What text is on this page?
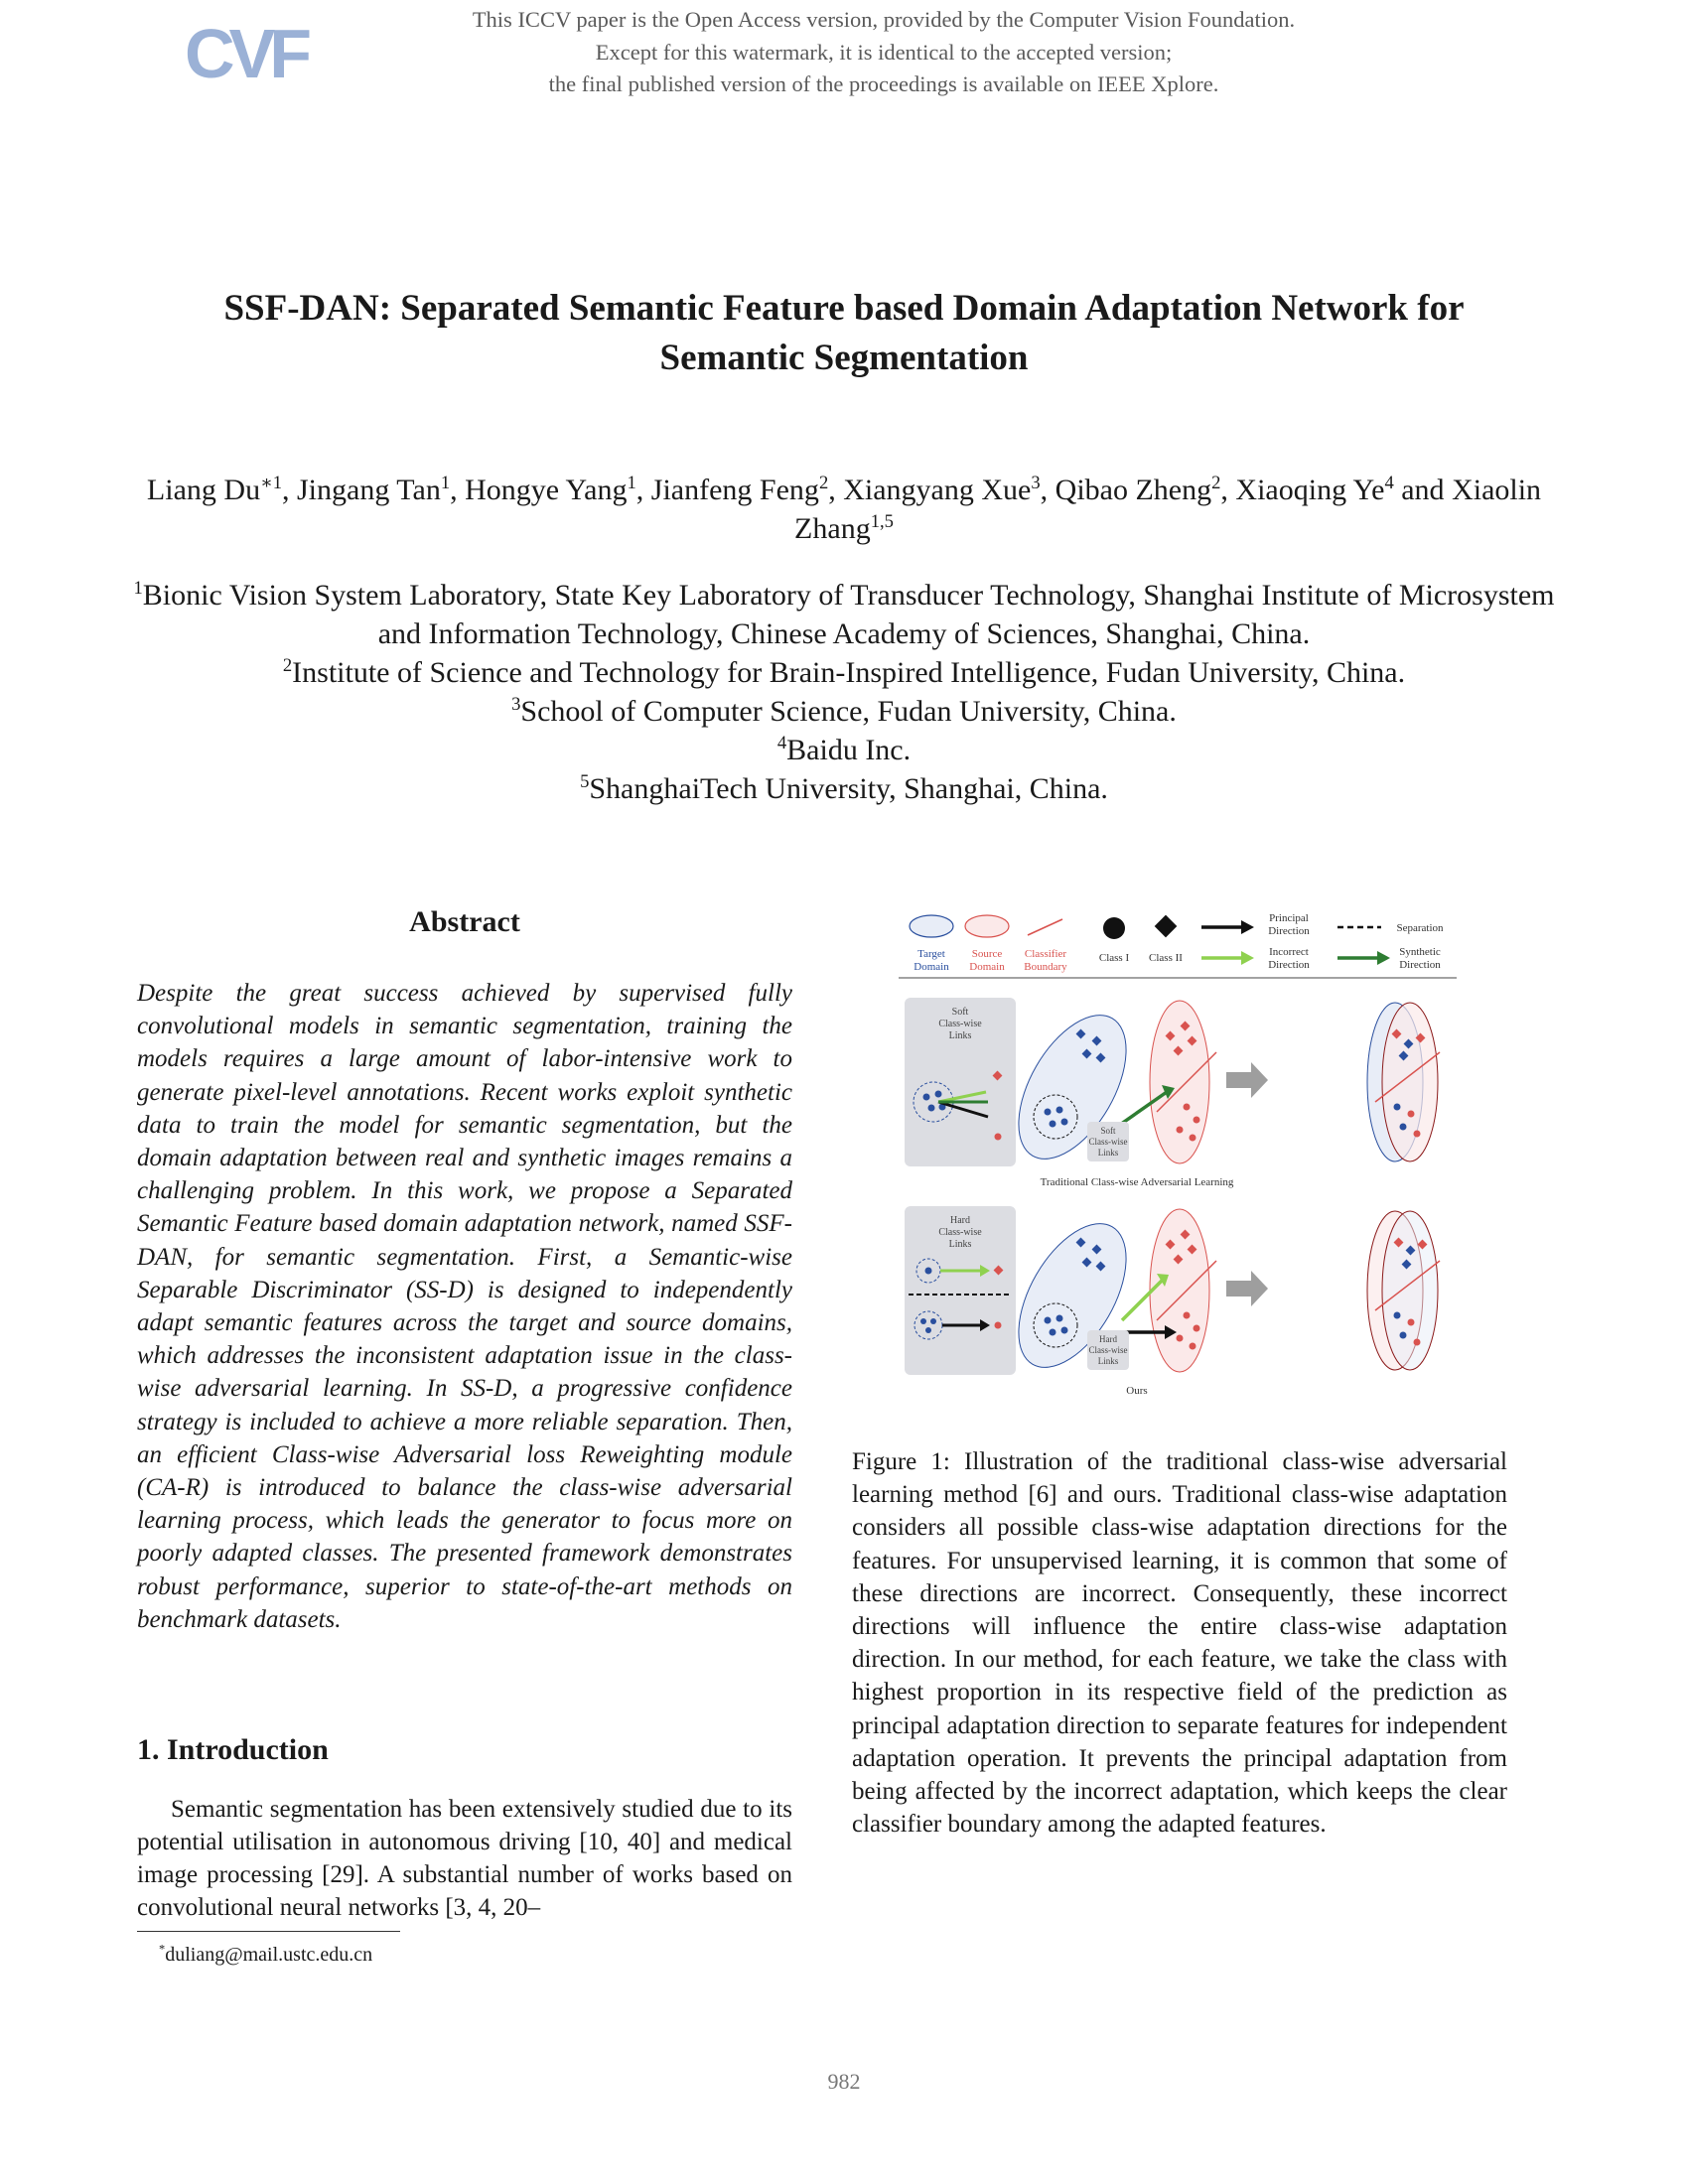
CVF	This ICCV paper is the Open Access version, provided by the Computer Vision Foundation.
Except for this watermark, it is identical to the accepted version;
the final published version of the proceedings is available on IEEE Xplore.
SSF-DAN: Separated Semantic Feature based Domain Adaptation Network for
Semantic Segmentation
Liang $Du^{∗1}$, Jingang Tan$^1$, Hongye Yang$^1$, Jianfeng Feng$^2$, Xiangyang Xue$^3$, Qibao Zheng$^2$, Xiaoqing Ye$^4$ and Xiaolin Zhang$^{1,5}$
$^1$Bionic Vision System Laboratory, State Key Laboratory of Transducer Technology, Shanghai Institute of Microsystem and Information Technology, Chinese Academy of Sciences, Shanghai, China.
$^2$Institute of Science and Technology for Brain-Inspired Intelligence, Fudan University, China.
$^3$School of Computer Science, Fudan University, China.
$^4$Baidu Inc.
$^5$ShanghaiTech University, Shanghai, China.
Abstract

Despite the great success achieved by supervised fully convolutional models in semantic segmentation, training the models requires a large amount of labor-intensive work to generate pixel-level annotations. Recent works exploit synthetic data to train the model for semantic segmentation, but the domain adaptation between real and synthetic images remains a challenging problem. In this work, we propose a Separated Semantic Feature based domain adaptation network, named SSF-DAN, for semantic segmentation. First, a Semantic-wise Separable Discriminator (SS-D) is designed to independently adapt semantic features across the target and source domains, which addresses the inconsistent adaptation issue in the class-wise adversarial learning. In SS-D, a progressive confidence strategy is included to achieve a more reliable separation. Then, an efficient Class-wise Adversarial loss Reweighting module (CA-R) is introduced to balance the class-wise adversarial learning process, which leads the generator to focus more on poorly adapted classes. The presented framework demonstrates robust performance, superior to state-of-the-art methods on benchmark datasets.

1. Introduction

Semantic segmentation has been extensively studied due to its potential utilisation in autonomous driving [10, 40] and medical image processing [29]. A substantial number of works based on convolutional neural networks [3, 4, 20–

*duliang@mail.ustc.edu.cn
Target
Domain
Source
Domain
Classifier
Boundary
Class I Class II
Principal
Direction
Incorrect
Direction
Separation
Synthetic
Direction
Soft
Class-wise
Links
Soft
Class-wise
Links
Traditional Class-wise Adversarial Learning
Hard
Class-wise
Links
Hard
Class-wise
Links
Ours

Figure 1: Illustration of the traditional class-wise adversarial learning method [6] and ours. Traditional class-wise adaptation considers all possible class-wise adaptation directions for the features. For unsupervised learning, it is common that some of these directions are incorrect. Consequently, these incorrect directions will influence the entire class-wise adaptation direction. In our method, for each feature, we take the class with highest proportion in its respective field of the prediction as principal adaptation direction to separate features for independent adaptation operation. It prevents the principal adaptation from being affected by the incorrect adaptation, which keeps the clear classifier boundary among the adapted features.

982
